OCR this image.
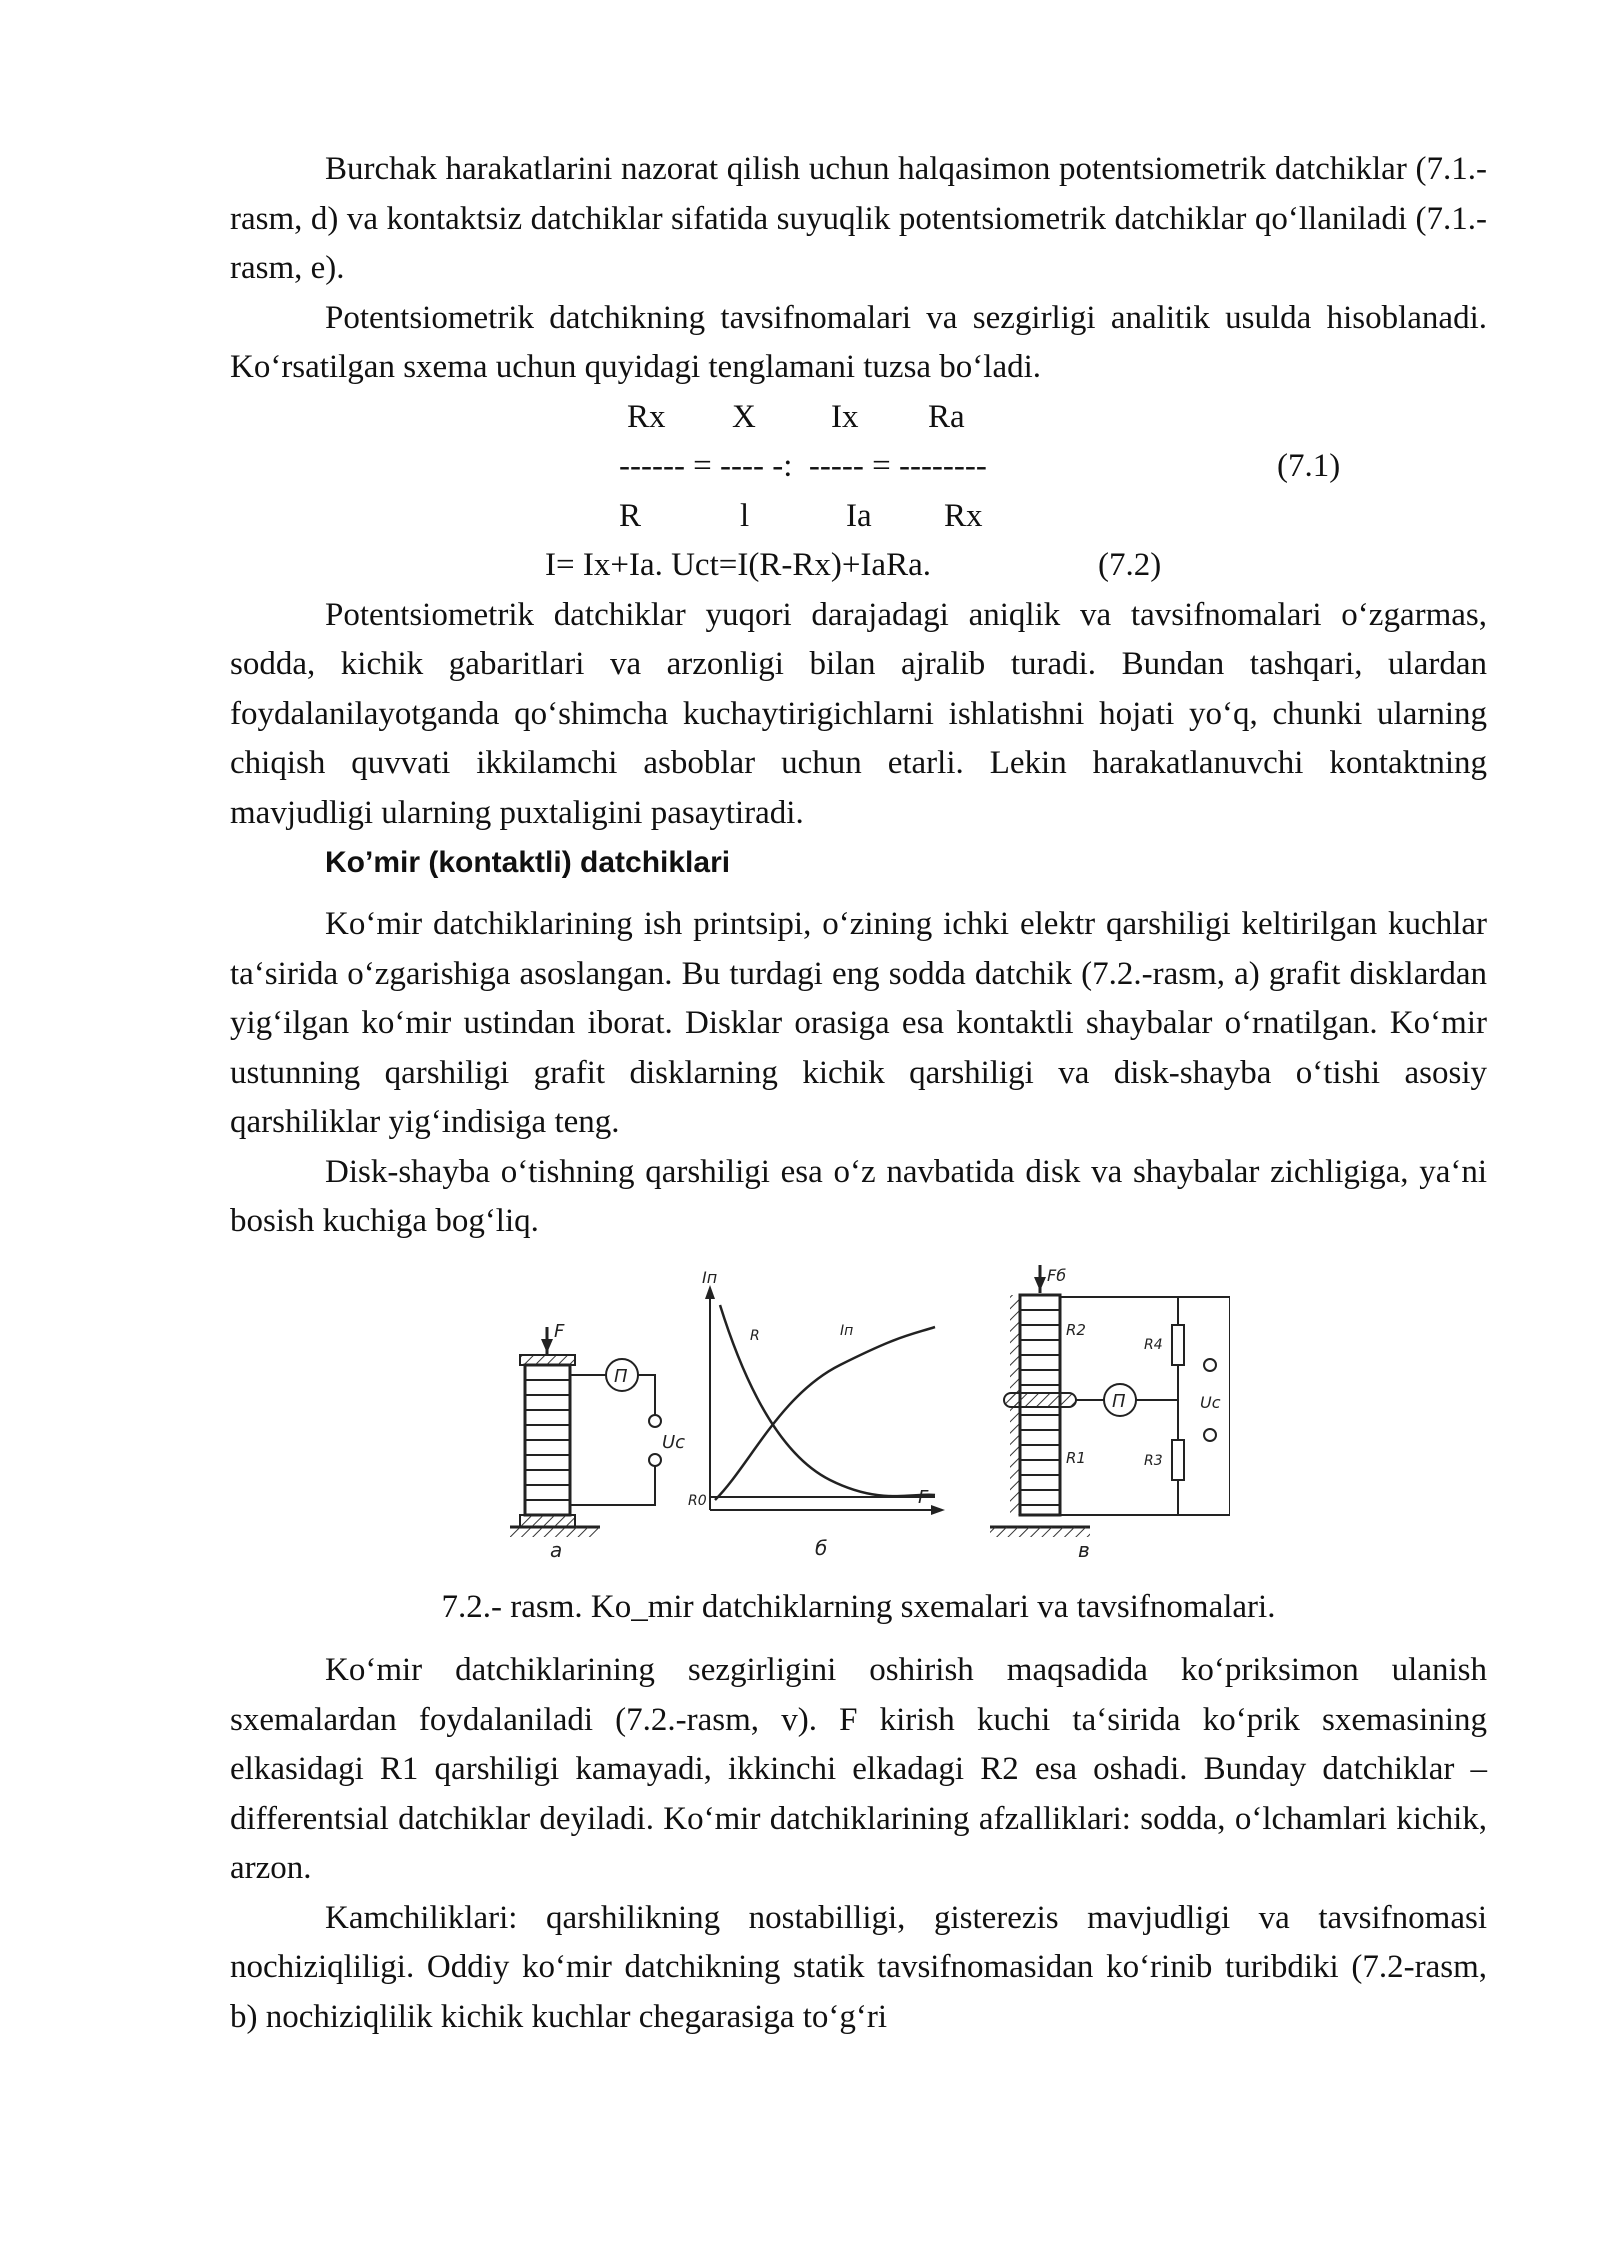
Burchak harakatlarini nazorat qilish uchun halqasimon potentsiometrik datchiklar (7.1.-rasm, d) va kontaktsiz datchiklar sifatida suyuqlik potentsiometrik datchiklar qo‘llaniladi (7.1.-rasm, e).

Potentsiometrik datchikning tavsifnomalari va sezgirligi analitik usulda hisoblanadi. Ko‘rsatilgan sxema uchun quyidagi tenglamani tuzsa bo‘ladi.

Rx

X

Ix

Ra

------ = ---- -:  ----- = --------

	(7.1)

R

	l

	Ia

Rx

I= Ix+Ia. Uct=I(R-Rx)+IaRa.

	(7.2)

Potentsiometrik datchiklar yuqori darajadagi aniqlik va tavsifnomalari o‘zgarmas, sodda, kichik gabaritlari va arzonligi bilan ajralib turadi. Bundan tashqari, ulardan foydalanilayotganda qo‘shimcha kuchaytirigichlarni ishlatishni hojati yo‘q, chunki ularning chiqish quvvati ikkilamchi asboblar uchun etarli. Lekin harakatlanuvchi kontaktning mavjudligi ularning puxtaligini pasaytiradi.

Ko’mir (kontaktli) datchiklari

Ko‘mir datchiklarining ish printsipi, o‘zining ichki elektr qarshiligi keltirilgan kuchlar ta‘sirida o‘zgarishiga asoslangan. Bu turdagi eng sodda datchik (7.2.-rasm, a) grafit disklardan yig‘ilgan ko‘mir ustindan iborat. Disklar orasiga esa kontaktli shaybalar o‘rnatilgan. Ko‘mir ustunning qarshiligi grafit disklarning kichik qarshiligi va disk-shayba o‘tishi asosiy qarshiliklar yig‘indisiga teng.

Disk-shayba o‘tishning qarshiligi esa o‘z navbatida disk va shaybalar zichligiga, ya‘ni bosish kuchiga bog‘liq.

F
П
Uc
a
Iп
F
R0
R	Iп
б
Fб
R2
R1
П
R4
R3
Uc
в

7.2.- rasm. Ko_mir datchiklarning sxemalari va tavsifnomalari.

Ko‘mir datchiklarining sezgirligini oshirish maqsadida ko‘priksimon ulanish sxemalardan foydalaniladi (7.2.-rasm, v). F kirish kuchi ta‘sirida ko‘prik sxemasining elkasidagi R1 qarshiligi kamayadi, ikkinchi elkadagi R2 esa oshadi. Bunday datchiklar – differentsial datchiklar deyiladi. Ko‘mir datchiklarining afzalliklari: sodda, o‘lchamlari kichik, arzon.

Kamchiliklari: qarshilikning nostabilligi, gisterezis mavjudligi va tavsifnomasi nochiziqliligi. Oddiy ko‘mir datchikning statik tavsifnomasidan ko‘rinib turibdiki (7.2-rasm, b) nochiziqlilik kichik kuchlar chegarasiga to‘g‘ri
